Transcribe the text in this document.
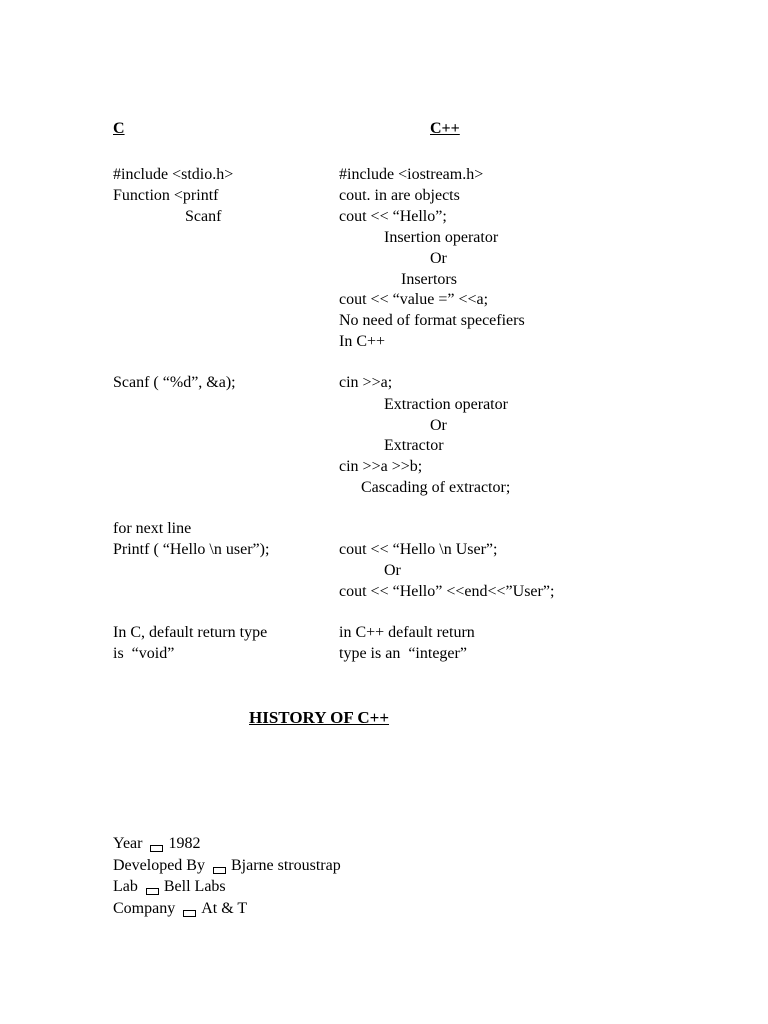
C	C++
#include <stdio.h>
Function <printf
Scanf
Scanf ( “%d”, &a);
for next line
Printf ( “Hello \n user”);
In C, default return type
is  “void”
#include <iostream.h>
cout. in are objects
cout << “Hello”;
Insertion operator
Or
Insertors
cout << “value =” <<a;
No need of format specefiers
In C++
cin >>a;
Extraction operator
Or
Extractor
cin >>a >>b;
Cascading of extractor;
cout << “Hello \n User”;
Or
cout << “Hello” <<end<<”User”;
in C++ default return
type is an  “integer”
HISTORY OF C++
Year 1982
Developed By Bjarne stroustrap
Lab Bell Labs
Company At & T
